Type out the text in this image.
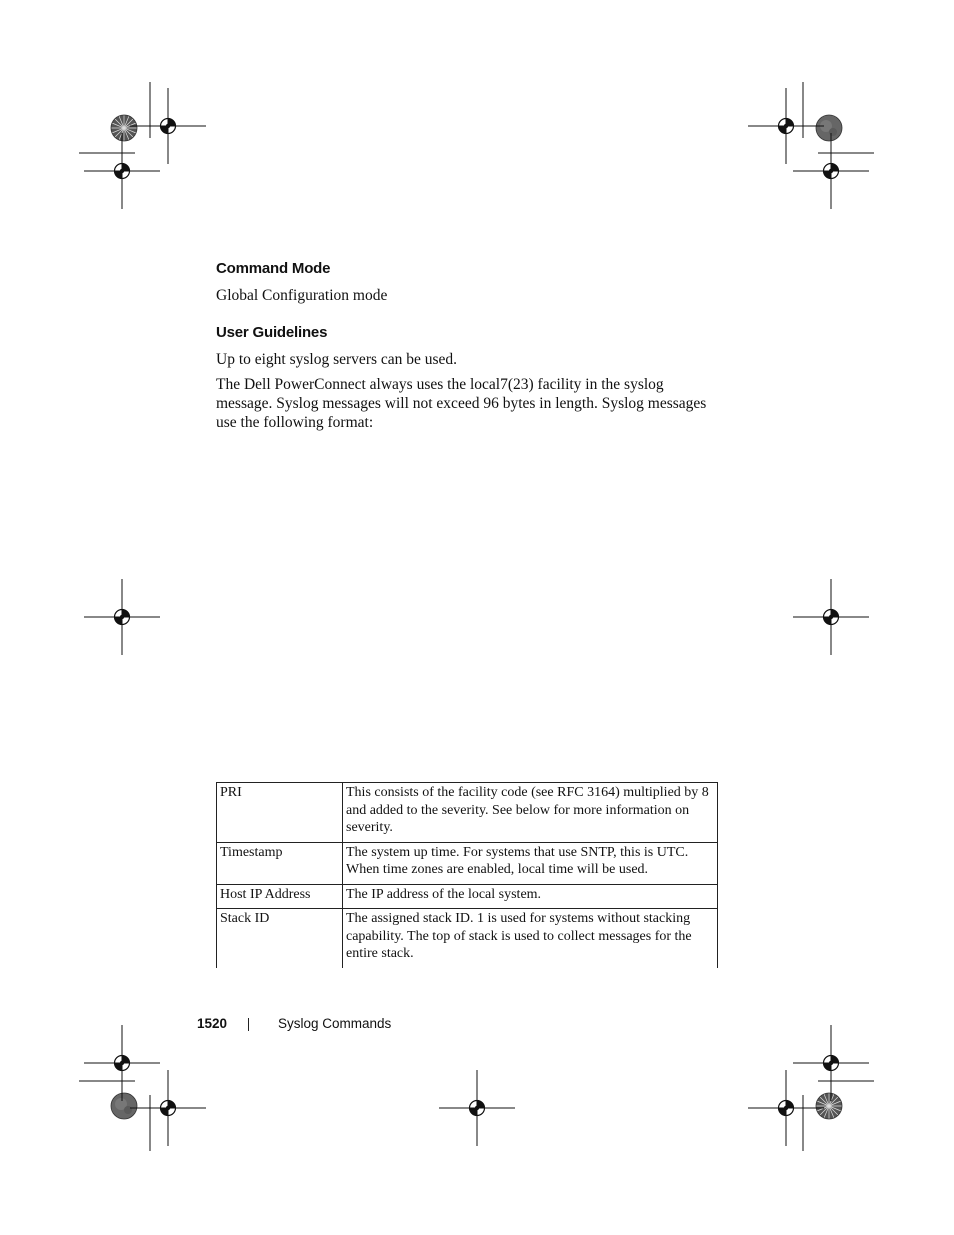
Command Mode

Global Configuration mode

User Guidelines

Up to eight syslog servers can be used.

The Dell PowerConnect always uses the local7(23) facility in the syslog message. Syslog messages will not exceed 96 bytes in length. Syslog messages use the following format:

PRI	This consists of the facility code (see RFC 3164) multiplied by 8 and added to the severity. See below for more information on severity.
Timestamp	The system up time. For systems that use SNTP, this is UTC. When time zones are enabled, local time will be used.
Host IP Address	The IP address of the local system.
Stack ID	The assigned stack ID. 1 is used for systems without stacking capability. The top of stack is used to collect messages for the entire stack.
1520	Syslog Commands
